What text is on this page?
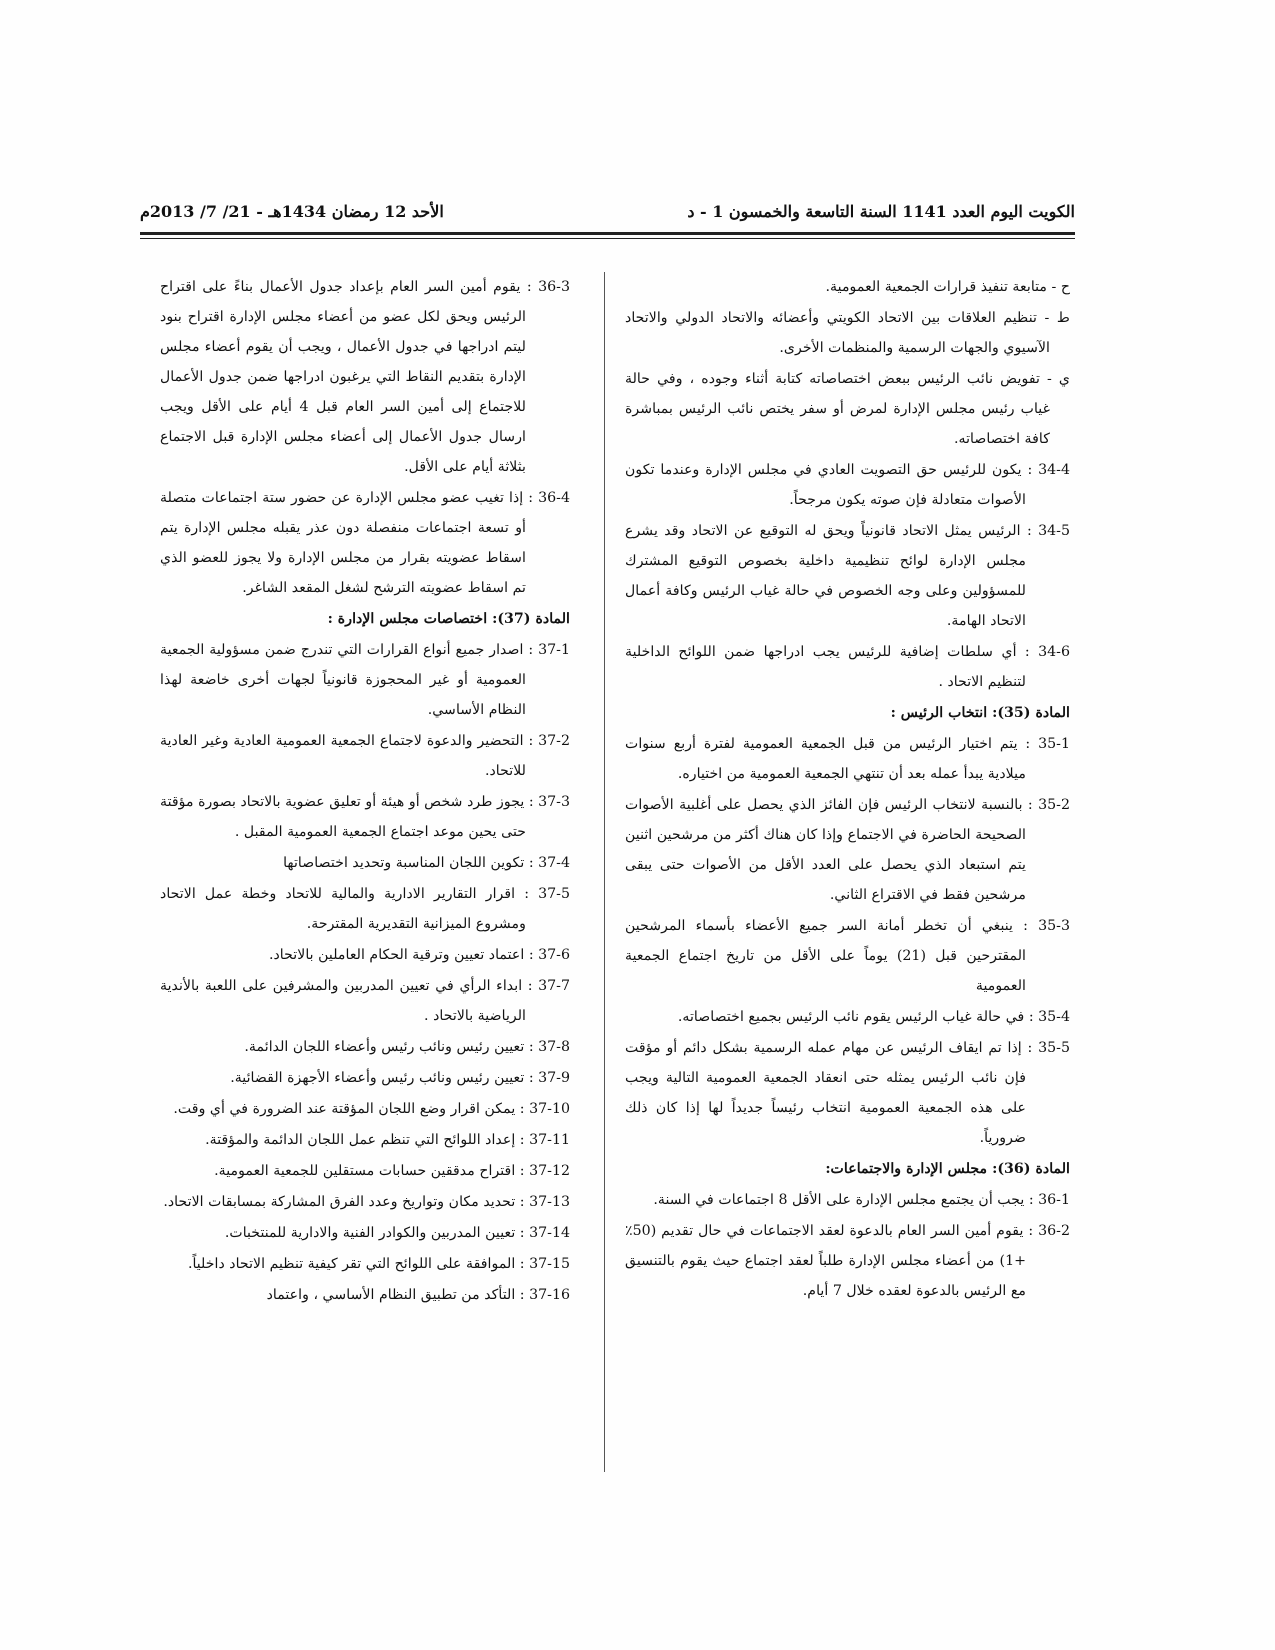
الكويت اليوم العدد 1141 السنة التاسعة والخمسون 1 - د
الأحد 12 رمضان 1434هـ - 21/ 7/ 2013م

ح - متابعة تنفيذ قرارات الجمعية العمومية.

ط - تنظيم العلاقات بين الاتحاد الكويتي وأعضائه والاتحاد الدولي والاتحاد الآسيوي والجهات الرسمية والمنظمات الأخرى.

ي - تفويض نائب الرئيس ببعض اختصاصاته كتابة أثناء وجوده ، وفي حالة غياب رئيس مجلس الإدارة لمرض أو سفر يختص نائب الرئيس بمباشرة كافة اختصاصاته.

34-4 : يكون للرئيس حق التصويت العادي في مجلس الإدارة وعندما تكون الأصوات متعادلة فإن صوته يكون مرجحاً.

34-5 : الرئيس يمثل الاتحاد قانونياً ويحق له التوقيع عن الاتحاد وقد يشرع مجلس الإدارة لوائح تنظيمية داخلية بخصوص التوقيع المشترك للمسؤولين وعلى وجه الخصوص في حالة غياب الرئيس وكافة أعمال الاتحاد الهامة.

34-6 : أي سلطات إضافية للرئيس يجب ادراجها ضمن اللوائح الداخلية لتنظيم الاتحاد .

المادة (35): انتخاب الرئيس :

35-1 : يتم اختيار الرئيس من قبل الجمعية العمومية لفترة أربع سنوات ميلادية يبدأ عمله بعد أن تنتهي الجمعية العمومية من اختياره.

35-2 : بالنسبة لانتخاب الرئيس فإن الفائز الذي يحصل على أغلبية الأصوات الصحيحة الحاضرة في الاجتماع وإذا كان هناك أكثر من مرشحين اثنين يتم استبعاد الذي يحصل على العدد الأقل من الأصوات حتى يبقى مرشحين فقط في الاقتراع الثاني.

35-3 : ينبغي أن تخطر أمانة السر جميع الأعضاء بأسماء المرشحين المقترحين قبل (21) يوماً على الأقل من تاريخ اجتماع الجمعية العمومية

35-4 : في حالة غياب الرئيس يقوم نائب الرئيس بجميع اختصاصاته.

35-5 : إذا تم ايقاف الرئيس عن مهام عمله الرسمية بشكل دائم أو مؤقت فإن نائب الرئيس يمثله حتى انعقاد الجمعية العمومية التالية ويجب على هذه الجمعية العمومية انتخاب رئيساً جديداً لها إذا كان ذلك ضرورياً.

المادة (36): مجلس الإدارة والاجتماعات:

36-1 : يجب أن يجتمع مجلس الإدارة على الأقل 8 اجتماعات في السنة.

36-2 : يقوم أمين السر العام بالدعوة لعقد الاجتماعات في حال تقديم (50٪ +1) من أعضاء مجلس الإدارة طلباً لعقد اجتماع حيث يقوم بالتنسيق مع الرئيس بالدعوة لعقده خلال 7 أيام.

36-3 : يقوم أمين السر العام بإعداد جدول الأعمال بناءً على اقتراح الرئيس ويحق لكل عضو من أعضاء مجلس الإدارة اقتراح بنود ليتم ادراجها في جدول الأعمال ، ويجب أن يقوم أعضاء مجلس الإدارة بتقديم النقاط التي يرغبون ادراجها ضمن جدول الأعمال للاجتماع إلى أمين السر العام قبل 4 أيام على الأقل ويجب ارسال جدول الأعمال إلى أعضاء مجلس الإدارة قبل الاجتماع بثلاثة أيام على الأقل.

36-4 : إذا تغيب عضو مجلس الإدارة عن حضور ستة اجتماعات متصلة أو تسعة اجتماعات منفصلة دون عذر يقبله مجلس الإدارة يتم اسقاط عضويته بقرار من مجلس الإدارة ولا يجوز للعضو الذي تم اسقاط عضويته الترشح لشغل المقعد الشاغر.

المادة (37): اختصاصات مجلس الإدارة :

37-1 : اصدار جميع أنواع القرارات التي تندرج ضمن مسؤولية الجمعية العمومية أو غير المحجوزة قانونياً لجهات أخرى خاضعة لهذا النظام الأساسي.

37-2 : التحضير والدعوة لاجتماع الجمعية العمومية العادية وغير العادية للاتحاد.

37-3 : يجوز طرد شخص أو هيئة أو تعليق عضوية بالاتحاد بصورة مؤقتة حتى يحين موعد اجتماع الجمعية العمومية المقبل .

37-4 : تكوين اللجان المناسبة وتحديد اختصاصاتها

37-5 : اقرار التقارير الادارية والمالية للاتحاد وخطة عمل الاتحاد ومشروع الميزانية التقديرية المقترحة.

37-6 : اعتماد تعيين وترقية الحكام العاملين بالاتحاد.

37-7 : ابداء الرأي في تعيين المدربين والمشرفين على اللعبة بالأندية الرياضية بالاتحاد .

37-8 : تعيين رئيس ونائب رئيس وأعضاء اللجان الدائمة.

37-9 : تعيين رئيس ونائب رئيس وأعضاء الأجهزة القضائية.

37-10 : يمكن اقرار وضع اللجان المؤقتة عند الضرورة في أي وقت.

37-11 : إعداد اللوائح التي تنظم عمل اللجان الدائمة والمؤقتة.

37-12 : اقتراح مدققين حسابات مستقلين للجمعية العمومية.

37-13 : تحديد مكان وتواريخ وعدد الفرق المشاركة بمسابقات الاتحاد.

37-14 : تعيين المدربين والكوادر الفنية والادارية للمنتخبات.

37-15 : الموافقة على اللوائح التي تقر كيفية تنظيم الاتحاد داخلياً.

37-16 : التأكد من تطبيق النظام الأساسي ، واعتماد
